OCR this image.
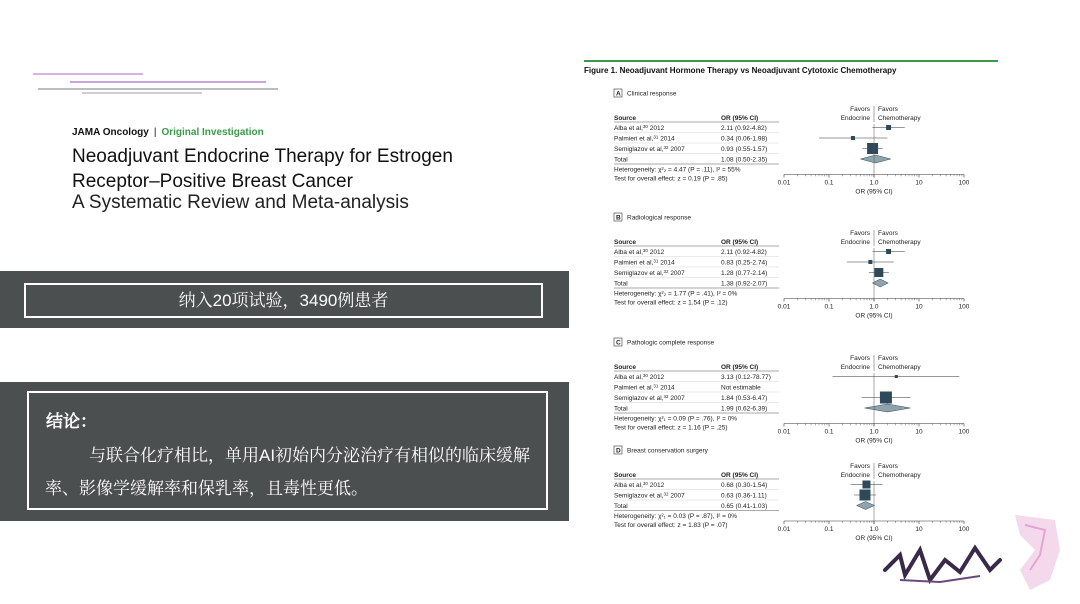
JAMA Oncology | Original Investigation
Neoadjuvant Endocrine Therapy for Estrogen Receptor–Positive Breast Cancer
A Systematic Review and Meta-analysis
纳入20项试验，3490例患者
结论：
与联合化疗相比，单用AI初始内分泌治疗有相似的临床缓解率、影像学缓解率和保乳率，且毒性更低。
Figure 1. Neoadjuvant Hormone Therapy vs Neoadjuvant Cytotoxic Chemotherapy
A Clinical response
Favors
Endocrine
Favors
Chemotherapy
Source	OR (95% CI)
Alba et al,$^{30}$ 2012	2.11 (0.92-4.82)
Palmieri et al,$^{31}$ 2014	0.34 (0.06-1.98)
Semiglazov et al,$^{32}$ 2007	0.93 (0.55-1.57)
Total	1.08 (0.50-2.35)
Heterogeneity: χ²₂ = 4.47 (P = .11), I² = 55%
Test for overall effect: z = 0.19 (P = .85)
0.01	0.1	1.0	10	100
OR (95% CI)
B Radiological response
Favors
Endocrine
Favors
Chemotherapy
Source	OR (95% CI)
Alba et al,$^{30}$ 2012	2.11 (0.92-4.82)
Palmieri et al,$^{31}$ 2014	0.83 (0.25-2.74)
Semiglazov et al,$^{32}$ 2007	1.28 (0.77-2.14)
Total	1.38 (0.92-2.07)
Heterogeneity: χ²₂ = 1.77 (P = .41), I² = 0%
Test for overall effect: z = 1.54 (P = .12)
0.01	0.1	1.0	10	100
OR (95% CI)
C Pathologic complete response
Favors
Endocrine
Favors
Chemotherapy
Source	OR (95% CI)
Alba et al,$^{30}$ 2012	3.13 (0.12-78.77)
Palmieri et al,$^{31}$ 2014	Not estimable
Semiglazov et al,$^{32}$ 2007	1.84 (0.53-6.47)
Total	1.99 (0.62-6.39)
Heterogeneity: χ²₁ = 0.09 (P = .76), I² = 0%
Test for overall effect: z = 1.16 (P = .25)
0.01	0.1	1.0	10	100
OR (95% CI)
D Breast conservation surgery
Favors
Endocrine
Favors
Chemotherapy
Source	OR (95% CI)
Alba et al,$^{30}$ 2012	0.68 (0.30-1.54)
Semiglazov et al,$^{32}$ 2007	0.63 (0.36-1.11)
Total	0.65 (0.41-1.03)
Heterogeneity: χ²₁ = 0.03 (P = .87), I² = 0%
Test for overall effect: z = 1.83 (P = .07)
0.01	0.1	1.0	10	100
OR (95% CI)
